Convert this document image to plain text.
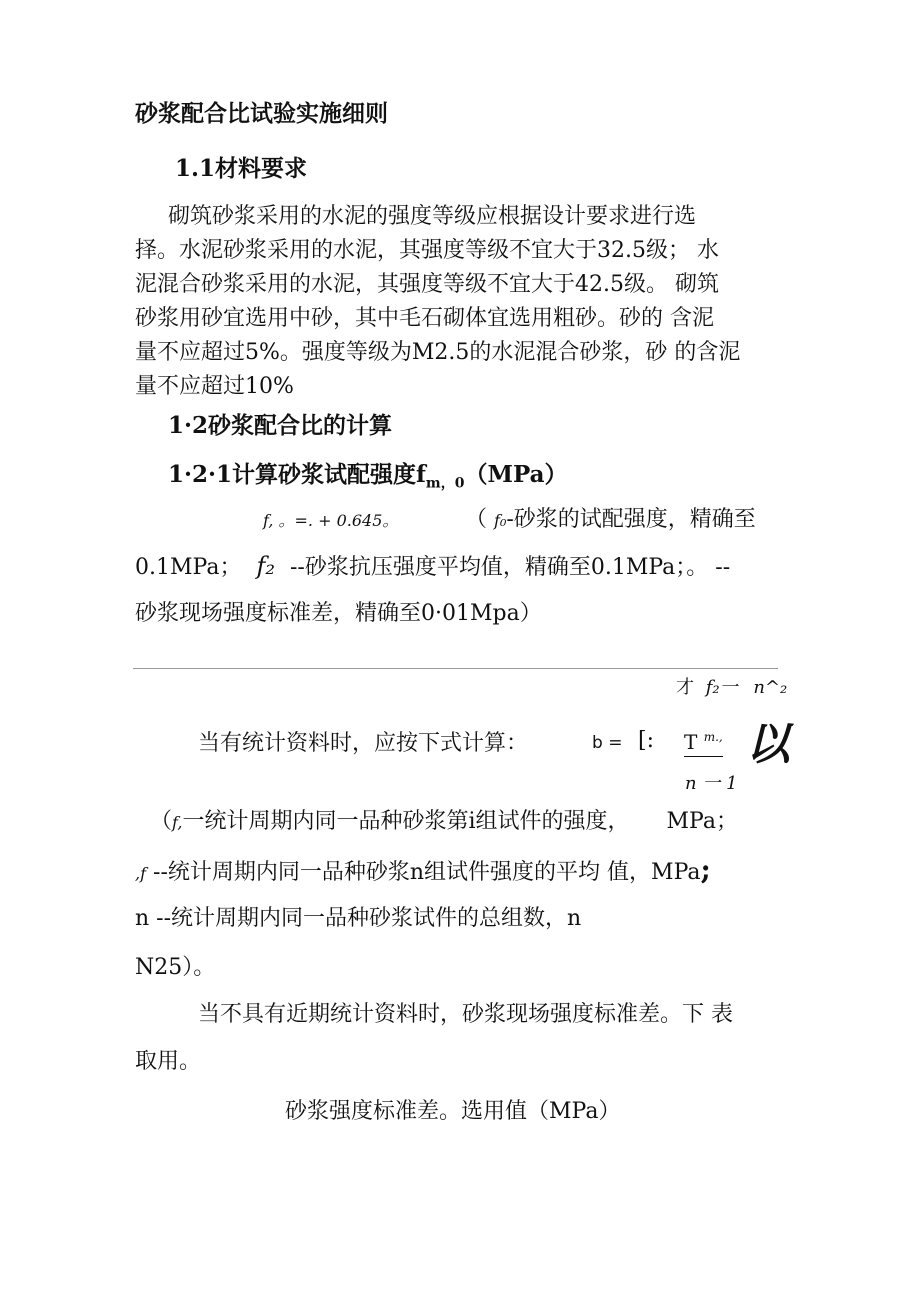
砂浆配合比试验实施细则
1.1材料要求
砌筑砂浆采用的水泥的强度等级应根据设计要求进行选
择。水泥砂浆采用的水泥，其强度等级不宜大于32.5级； 水
泥混合砂浆采用的水泥，其强度等级不宜大于42.5级。 砌筑
砂浆用砂宜选用中砂，其中毛石砌体宜选用粗砂。砂的 含泥
量不应超过5%。强度等级为M2.5的水泥混合砂浆，砂 的含泥
量不应超过10%
1·2砂浆配合比的计算
1·2·1计算砂浆试配强度$f_{m,0}(MPa)$
f, 。=. + 0.645。	（ f₀-砂浆的试配强度，精确至
0.1MPa； f₂ --砂浆抗压强度平均值，精确至0.1MPa；。 --
砂浆现场强度标准差，精确至0·01Mpa）
才 f₂一 n^₂
当有统计资料时，应按下式计算：	b = [: T $^{m.,}$ 以
n 一 1
（f,一统计周期内同一品种砂浆第i组试件的强度， MPa；
,f --统计周期内同一品种砂浆n组试件强度的平均 值，MPa;
n --统计周期内同一品种砂浆试件的总组数，n
N25）。
当不具有近期统计资料时，砂浆现场强度标准差。下 表
取用。
砂浆强度标准差。选用值（MPa）
